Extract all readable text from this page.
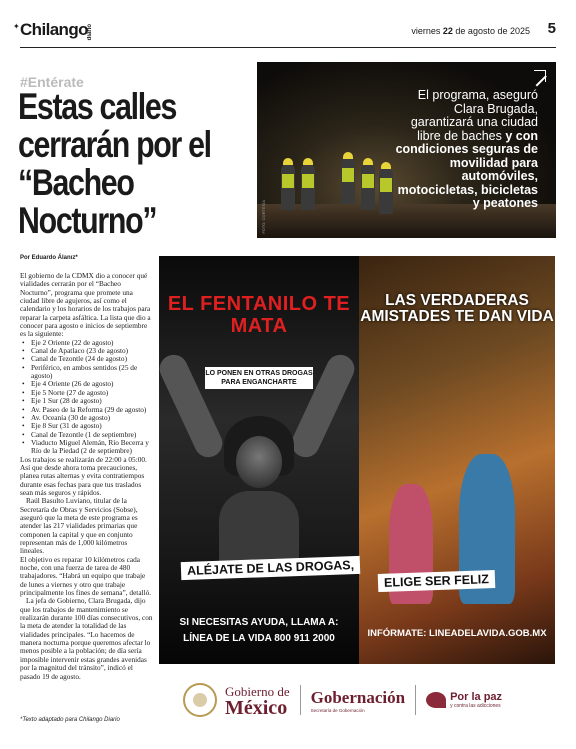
✦ Chilango diario	viernes 22 de agosto de 2025 5
#Entérate
Estas calles cerrarán por el “Bacheo Nocturno”
El programa, aseguró Clara Brugada, garantizará una ciudad libre de baches y con condiciones seguras de movilidad para automóviles, motocicletas, bicicletas y peatones
FOTO: CORTESÍA
Por Eduardo Álanız*

El gobierno de la CDMX dio a conocer qué vialidades cerrarán por el “Bacheo Nocturno”, programa que promete una ciudad libre de agujeros, así como el calendario y los horarios de los trabajos para reparar la carpeta asfáltica. La lista que dio a conocer para agosto e inicios de septiembre es la siguiente:

• Eje 2 Oriente (22 de agosto)
• Canal de Apatlaco (23 de agosto)
• Canal de Tezontle (24 de agosto)
• Periférico, en ambos sentidos (25 de agosto)
• Eje 4 Oriente (26 de agosto)
• Eje 5 Norte (27 de agosto)
• Eje 1 Sur (28 de agosto)
• Av. Paseo de la Reforma (29 de agosto)
• Av. Oceanía (30 de agosto)
• Eje 8 Sur (31 de agosto)
• Canal de Tezontle (1 de septiembre)
• Viaducto Miguel Alemán, Río Becerra y Río de la Piedad (2 de septiembre)

Los trabajos se realizarán de 22:00 a 05:00. Así que desde ahora toma precauciones, planea rutas alternas y evita contratiempos durante esas fechas para que tus traslados sean más seguros y rápidos.

Raúl Basulto Luviano, titular de la Secretaría de Obras y Servicios (Sobse), aseguró que la meta de este programa es atender las 217 vialidades primarias que componen la capital y que en conjunto representan más de 1,000 kilómetros lineales.

El objetivo es reparar 10 kilómetros cada noche, con una fuerza de tarea de 480 trabajadores. “Habrá un equipo que trabaje de lunes a viernes y otro que trabaje principalmente los fines de semana”, detalló.

La jefa de Gobierno, Clara Brugada, dijo que los trabajos de mantenimiento se realizarán durante 100 días consecutivos, con la meta de atender la totalidad de las vialidades principales. “Lo hacemos de manera nocturna porque queremos afectar lo menos posible a la población; de día sería imposible intervenir estas grandes avenidas por la magnitud del tránsito”, indicó el pasado 19 de agosto.

*Texto adaptado para Chilango Diario
EL FENTANILO TE MATA
LO PONEN EN OTRAS DROGAS PARA ENGANCHARTE
LAS VERDADERAS AMISTADES TE DAN VIDA
ALÉJATE DE LAS DROGAS,
ELIGE SER FELIZ
SI NECESITAS AYUDA, LLAMA A:
LÍNEA DE LA VIDA 800 911 2000	INFÓRMATE: LINEADELAVIDA.GOB.MX
Gobierno de
México Gobernación
Secretaría de Gobernación
Por la paz
y contra las adicciones
